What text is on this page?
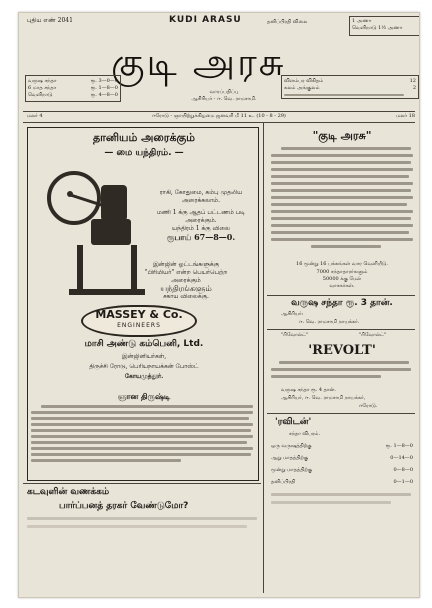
புதிய எண் 2041	KUDI ARASU	தனிப்பிரதி விலை	1 அணா
வெளிநாடு 1½ அணா
குடி அரசு
வருஷ சந்தா	ரூ. 3—0—0
6 மாத சந்தா	ரூ. 1—8—0
வெளிநாடு	ரூ. 4—8—0	வாரப்பதிப்பு
ஆசிரியர் - ஈ. வெ. ராமசாமி.
விளம்பர விகிதம்	12
கலம் அங்குலம்	2
மலர் 4	ஈரோடு - ஞாயிற்றுக்கிழமை ஜனவரி மீ 11 உ. (10 - 8 - 29)	மலர் 18
தானியம் அரைக்கும்
— மை யந்திரம். —
ராகி, கோதுமை, கம்பு முதலிய
அரைக்கலாம்.
மணி 1 க்கு ஆதப் பட்டணம் படி
அரைக்கும்.
யந்திரம் 1 க்கு விலை
ரூபாய் 67—8—0.
இன்ஜின் ஓட்டங்களுக்கு
"பிரிமியர்" என்ற பெயர்பெற்ற
அரைக்கும்
யந்திரங்களும்
சகாய விலைக்கு.
MASSEY & Co.
ENGINEERS
மாசி அண்டு கம்பெனி, Ltd.
இன்ஜினியர்கள்,
திருச்சி ரோடு, பெரியநாயக்கன் போஸ்ட்
கோயமுத்தூர்.
ஞான திருஷ்டி
கடவுளின் வணக்கம்
பார்ப்பனத் தரகர் வேண்டுமோ?
"குடி அரசு"
16 மூன்று 16 பக்கங்கள் வார வெளியீடு.
7000 சந்தாதாரர்களும்
50000 க்கு மேல்
வாசகர்கள்.
வருஷ சந்தா ரூ. 3 தான்.
ஆசிரியர்:
ஈ. வெ. ராமசாமி நாயக்கர்.
"ரிவோல்ட்"	"ரிவோல்ட்"
'REVOLT'
வருஷ சந்தா ரூ. 4 தான்.
ஆசிரியர், ஈ. வெ. ராமசாமி நாயக்கர்,
ஈரோடு.
'ரவிடன்'
சந்தா விபரம்.
ஒரு வருஷத்திற்கு	ரூ. 1—8—0
ஆறு மாதத்திற்கு	0—14—0
மூன்று மாதத்திற்கு	0—8—0
தனிப்பிரதி	0—1—0
